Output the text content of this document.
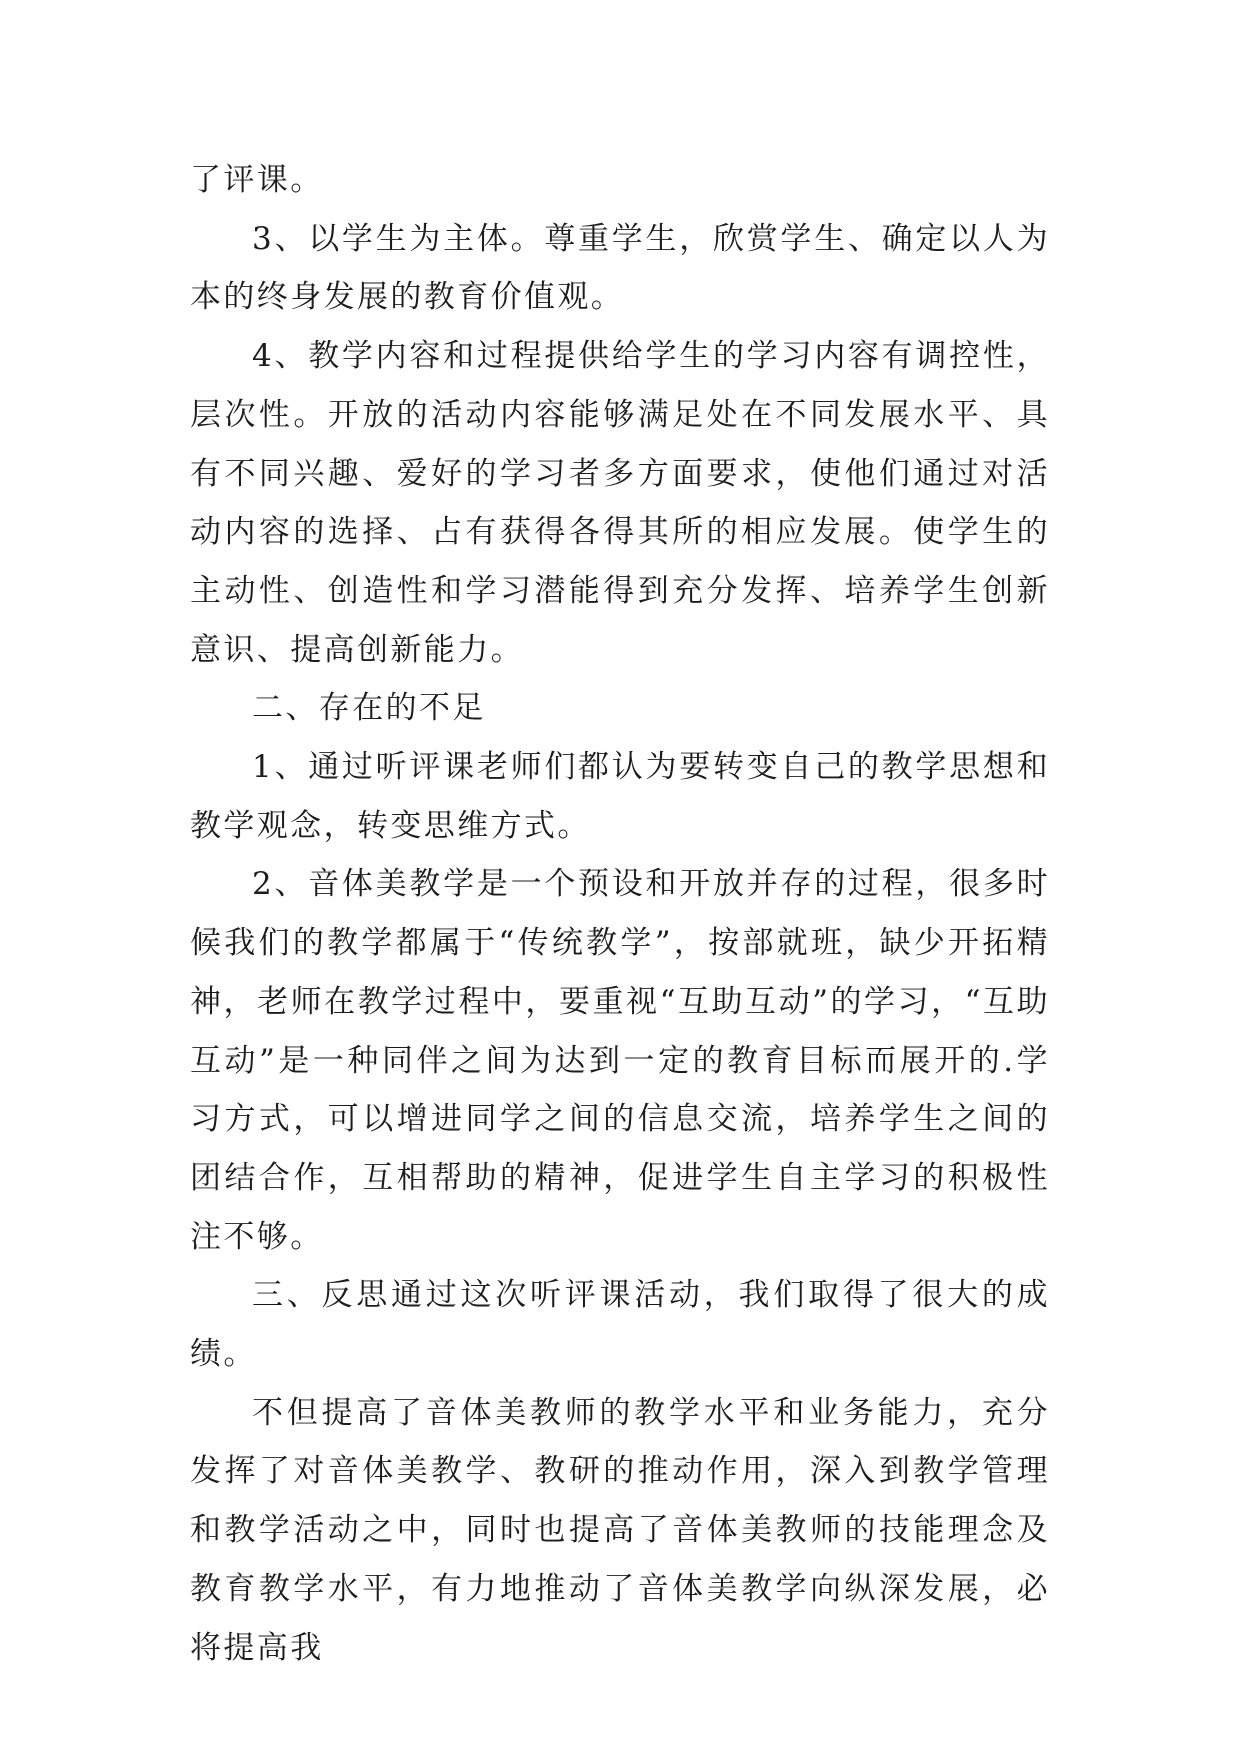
了评课。

3、以学生为主体。尊重学生，欣赏学生、确定以人为本的终身发展的教育价值观。

4、教学内容和过程提供给学生的学习内容有调控性，层次性。开放的活动内容能够满足处在不同发展水平、具有不同兴趣、爱好的学习者多方面要求，使他们通过对活动内容的选择、占有获得各得其所的相应发展。使学生的主动性、创造性和学习潜能得到充分发挥、培养学生创新意识、提高创新能力。

二、存在的不足

1、通过听评课老师们都认为要转变自己的教学思想和教学观念，转变思维方式。

2、音体美教学是一个预设和开放并存的过程，很多时候我们的教学都属于“传统教学”，按部就班，缺少开拓精神，老师在教学过程中，要重视“互助互动”的学习，“互助互动”是一种同伴之间为达到一定的教育目标而展开的.学习方式，可以增进同学之间的信息交流，培养学生之间的团结合作，互相帮助的精神，促进学生自主学习的积极性注不够。

三、反思通过这次听评课活动，我们取得了很大的成绩。

不但提高了音体美教师的教学水平和业务能力，充分发挥了对音体美教学、教研的推动作用，深入到教学管理和教学活动之中，同时也提高了音体美教师的技能理念及教育教学水平，有力地推动了音体美教学向纵深发展，必将提高我
